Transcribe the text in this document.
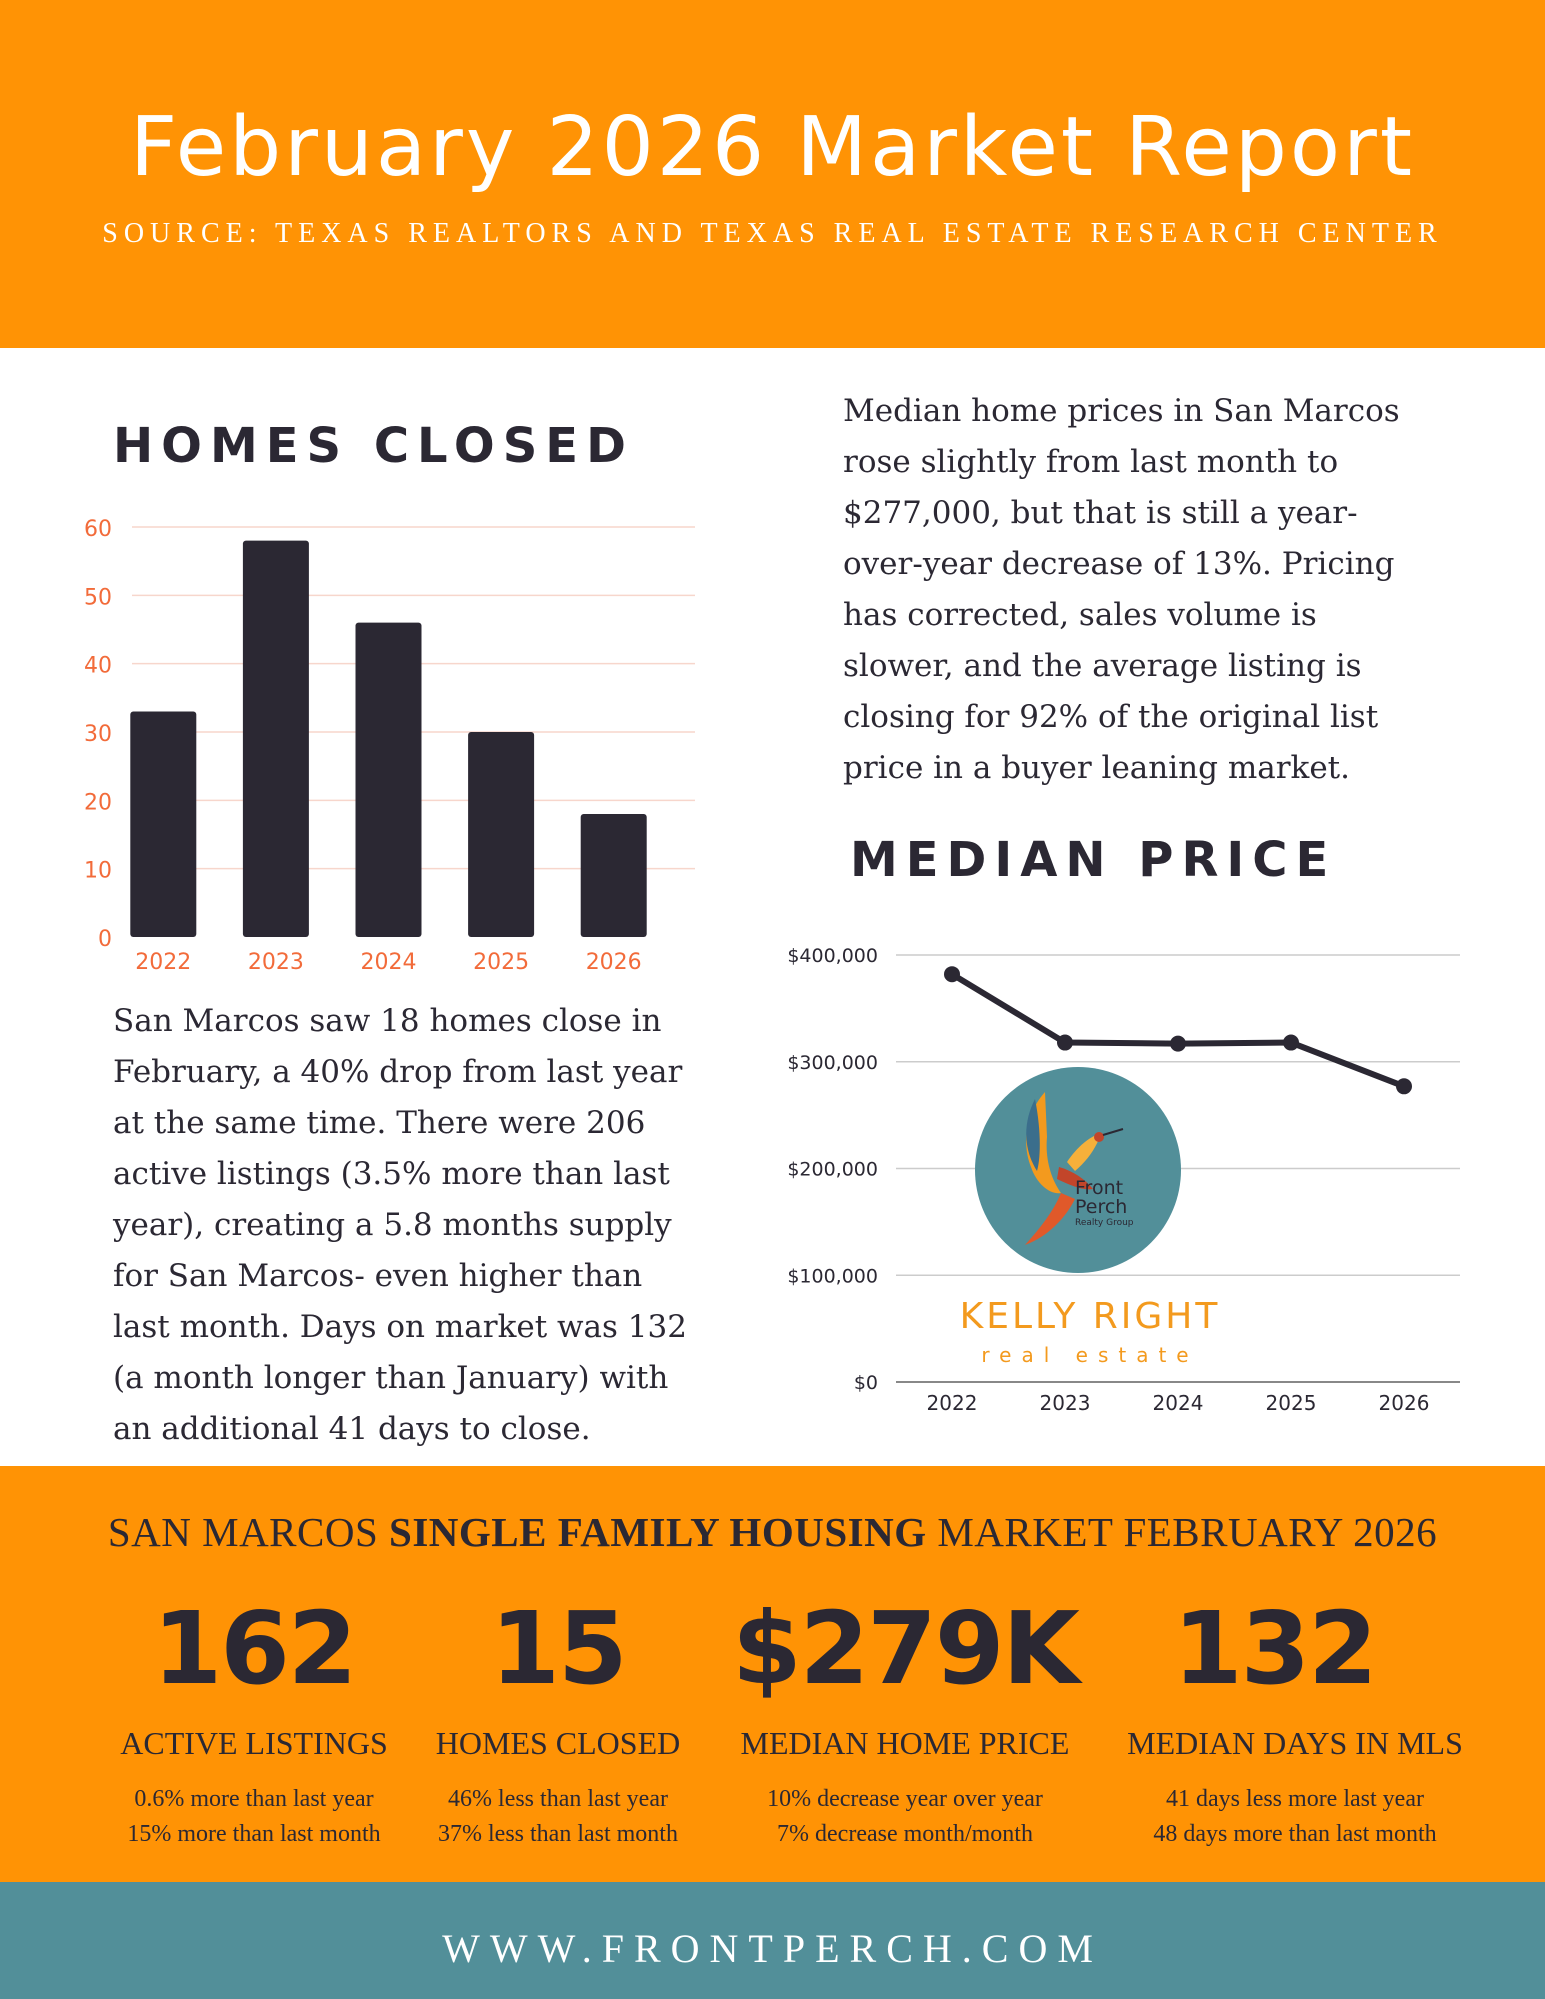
February 2026 Market Report
SOURCE: TEXAS REALTORS AND TEXAS REAL ESTATE RESEARCH CENTER
HOMES CLOSED
0
10
20
30
40
50
60
2022	2023	2024	2025	2026
San Marcos saw 18 homes close in
February, a 40% drop from last year
at the same time. There were 206
active listings (3.5% more than last
year), creating a 5.8 months supply
for San Marcos- even higher than
last month. Days on market was 132
(a month longer than January) with
an additional 41 days to close.
Median home prices in San Marcos
rose slightly from last month to
$277,000, but that is still a year-
over-year decrease of 13%. Pricing
has corrected, sales volume is
slower, and the average listing is
closing for 92% of the original list
price in a buyer leaning market.
MEDIAN PRICE
$0
$100,000
$200,000
$300,000
$400,000
2022	2023	2024	2025	2026
Front
Perch
Realty Group
KELLY RIGHT
real estate
SAN MARCOS SINGLE FAMILY HOUSING MARKET FEBRUARY 2026
162
ACTIVE LISTINGS
0.6% more than last year
15% more than last month
15
HOMES CLOSED
46% less than last year
37% less than last month
$279K
MEDIAN HOME PRICE
10% decrease year over year
7% decrease month/month
132
MEDIAN DAYS IN MLS
41 days less more last year
48 days more than last month
WWW.FRONTPERCH.COM
